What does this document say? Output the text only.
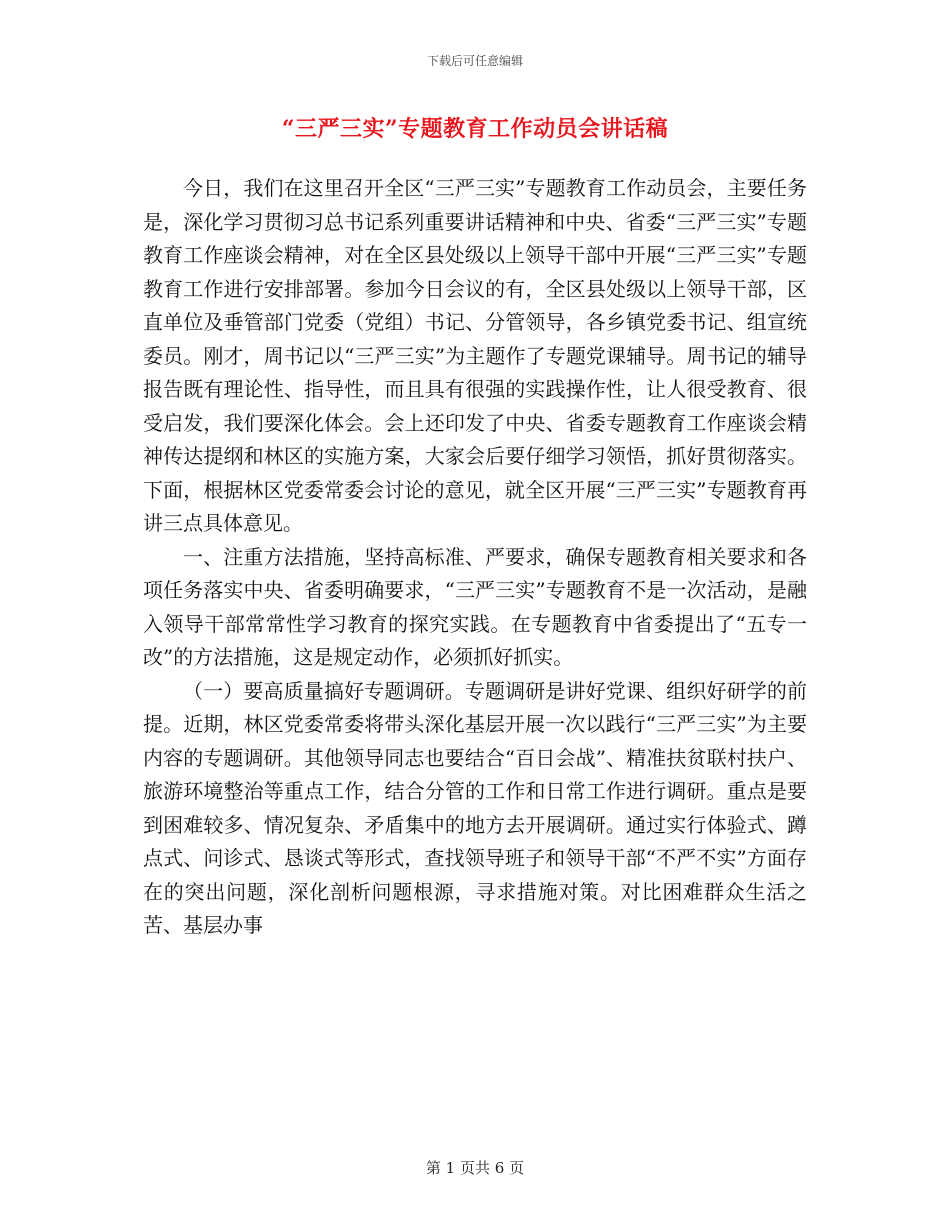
下载后可任意编辑
“三严三实”专题教育工作动员会讲话稿

今日，我们在这里召开全区“三严三实”专题教育工作动员会，主要任务是，深化学习贯彻习总书记系列重要讲话精神和中央、省委“三严三实”专题教育工作座谈会精神，对在全区县处级以上领导干部中开展“三严三实”专题教育工作进行安排部署。参加今日会议的有，全区县处级以上领导干部，区直单位及垂管部门党委（党组）书记、分管领导，各乡镇党委书记、组宣统委员。刚才，周书记以“三严三实”为主题作了专题党课辅导。周书记的辅导报告既有理论性、指导性，而且具有很强的实践操作性，让人很受教育、很受启发，我们要深化体会。会上还印发了中央、省委专题教育工作座谈会精神传达提纲和林区的实施方案，大家会后要仔细学习领悟，抓好贯彻落实。下面，根据林区党委常委会讨论的意见，就全区开展“三严三实”专题教育再讲三点具体意见。

一、注重方法措施，坚持高标准、严要求，确保专题教育相关要求和各项任务落实中央、省委明确要求，“三严三实”专题教育不是一次活动，是融入领导干部常常性学习教育的探究实践。在专题教育中省委提出了“五专一改”的方法措施，这是规定动作，必须抓好抓实。

（一）要高质量搞好专题调研。专题调研是讲好党课、组织好研学的前提。近期，林区党委常委将带头深化基层开展一次以践行“三严三实”为主要内容的专题调研。其他领导同志也要结合“百日会战”、精准扶贫联村扶户、旅游环境整治等重点工作，结合分管的工作和日常工作进行调研。重点是要到困难较多、情况复杂、矛盾集中的地方去开展调研。通过实行体验式、蹲点式、问诊式、恳谈式等形式，查找领导班子和领导干部“不严不实”方面存在的突出问题，深化剖析问题根源，寻求措施对策。对比困难群众生活之苦、基层办事

第 1 页共 6 页
